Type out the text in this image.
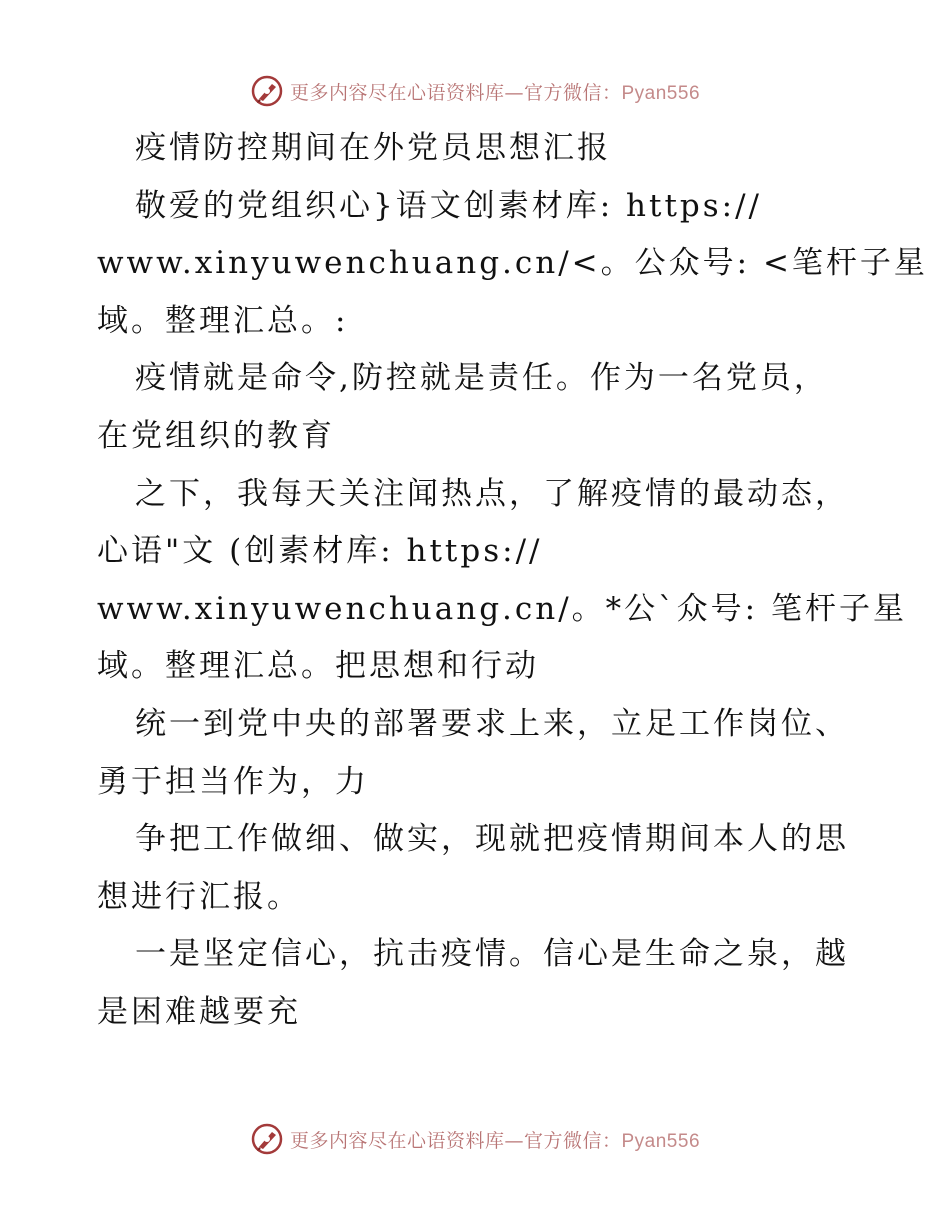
更多内容尽在心语资料库—官方微信：Pyan556
疫情防控期间在外党员思想汇报
敬爱的党组织心}语文创素材库: https://
www.xinyuwenchuang.cn/<。公众号: <笔杆子星
域。整理汇总。:
疫情就是命令,防控就是责任。作为一名党员，
在党组织的教育
之下，我每天关注闻热点，了解疫情的最动态，
心语"文 (创素材库: https://
www.xinyuwenchuang.cn/。*公`众号: 笔杆子星
域。整理汇总。把思想和行动
统一到党中央的部署要求上来，立足工作岗位、
勇于担当作为，力
争把工作做细、做实，现就把疫情期间本人的思
想进行汇报。
一是坚定信心，抗击疫情。信心是生命之泉，越
是困难越要充
更多内容尽在心语资料库—官方微信：Pyan556
